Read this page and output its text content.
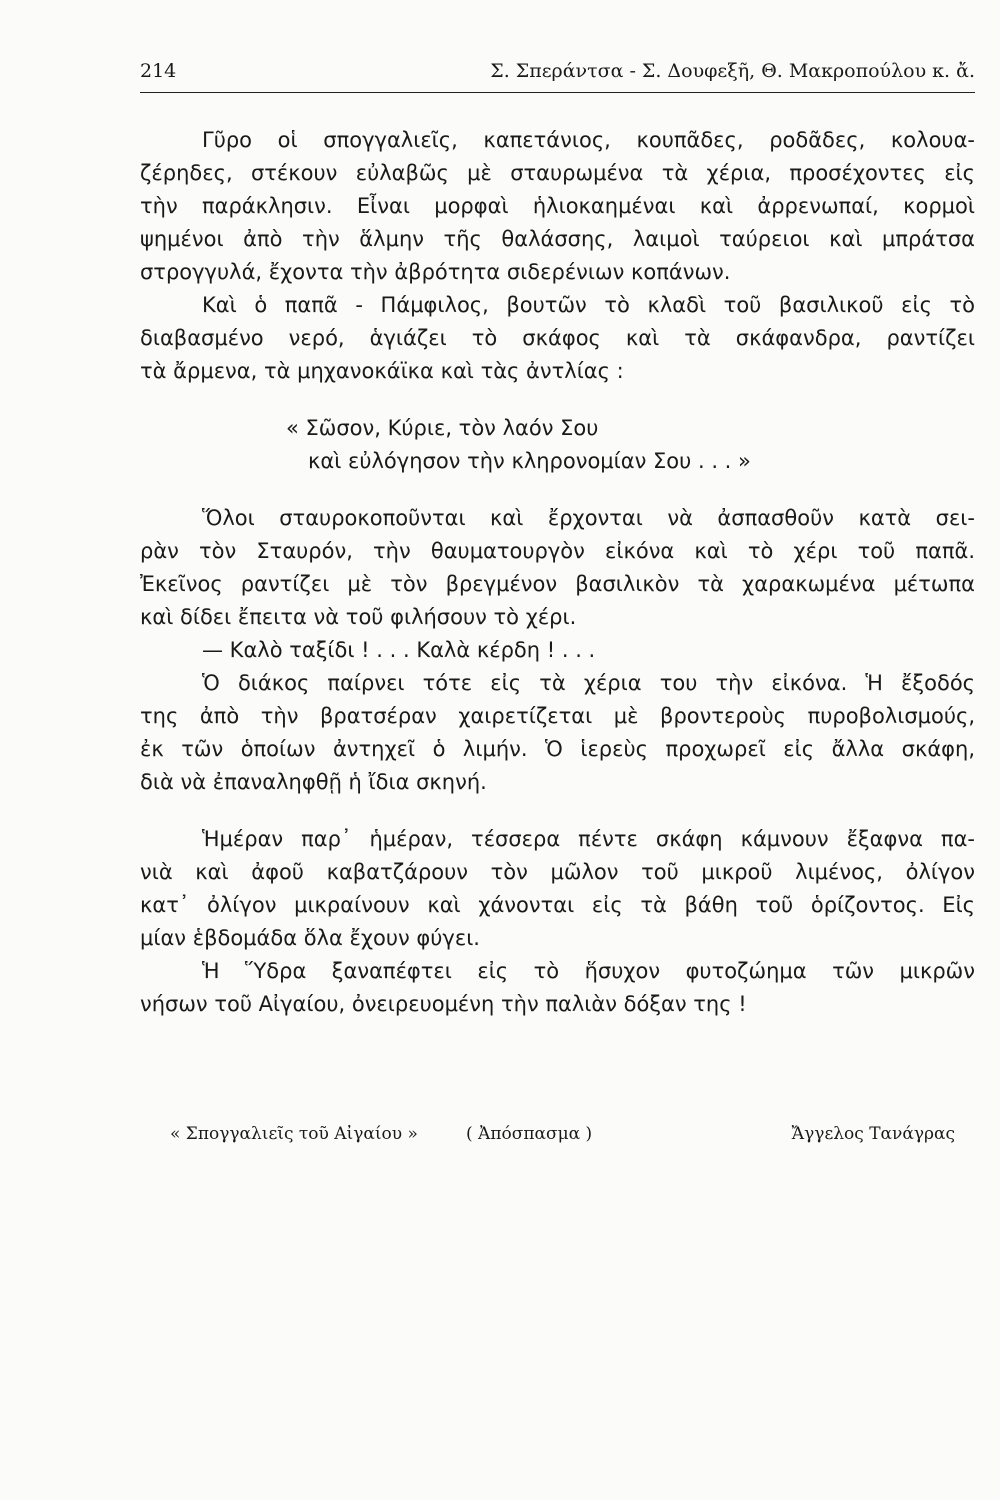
214	Σ. Σπεράντσα - Σ. Δουφεξῆ, Θ. Μακροπούλου κ. ἄ.
Γῦρο οἱ σπογγαλιεῖς, καπετάνιος, κουπᾶδες, ροδᾶδες, κολουα-
ζέρηδες, στέκουν εὐλαβῶς μὲ σταυρωμένα τὰ χέρια, προσέχοντες εἰς
τὴν παράκλησιν. Εἶναι μορφαὶ ἡλιοκαημέναι καὶ ἀρρενωπαί, κορμοὶ
ψημένοι ἀπὸ τὴν ἅλμην τῆς θαλάσσης, λαιμοὶ ταύρειοι καὶ μπράτσα
στρογγυλά, ἔχοντα τὴν ἀβρότητα σιδερένιων κοπάνων.
Καὶ ὁ παπᾶ - Πάμφιλος, βουτῶν τὸ κλαδὶ τοῦ βασιλικοῦ εἰς τὸ
διαβασμένο νερό, ἁγιάζει τὸ σκάφος καὶ τὰ σκάφανδρα, ραντίζει
τὰ ἄρμενα, τὰ μηχανοκάϊκα καὶ τὰς ἀντλίας :
« Σῶσον, Κύριε, τὸν λαόν Σου
καὶ εὐλόγησον τὴν κληρονομίαν Σου . . . »
Ὅλοι σταυροκοποῦνται καὶ ἔρχονται νὰ ἀσπασθοῦν κατὰ σει-
ρὰν τὸν Σταυρόν, τὴν θαυματουργὸν εἰκόνα καὶ τὸ χέρι τοῦ παπᾶ.
Ἐκεῖνος ραντίζει μὲ τὸν βρεγμένον βασιλικὸν τὰ χαρακωμένα μέτωπα
καὶ δίδει ἔπειτα νὰ τοῦ φιλήσουν τὸ χέρι.
— Καλὸ ταξίδι ! . . . Καλὰ κέρδη ! . . .
Ὁ διάκος παίρνει τότε εἰς τὰ χέρια του τὴν εἰκόνα. Ἡ ἔξοδός
της ἀπὸ τὴν βρατσέραν χαιρετίζεται μὲ βροντεροὺς πυροβολισμούς,
ἐκ τῶν ὁποίων ἀντηχεῖ ὁ λιμήν. Ὁ ἱερεὺς προχωρεῖ εἰς ἄλλα σκάφη,
διὰ νὰ ἐπαναληφθῇ ἡ ἴδια σκηνή.
Ἡμέραν παρ᾽ ἡμέραν, τέσσερα πέντε σκάφη κάμνουν ἔξαφνα πα-
νιὰ καὶ ἀφοῦ καβατζάρουν τὸν μῶλον τοῦ μικροῦ λιμένος, ὀλίγον
κατ᾽ ὀλίγον μικραίνουν καὶ χάνονται εἰς τὰ βάθη τοῦ ὁρίζοντος. Εἰς
μίαν ἑβδομάδα ὅλα ἔχουν φύγει.
Ἡ Ὕδρα ξαναπέφτει εἰς τὸ ἥσυχον φυτοζώημα τῶν μικρῶν
νήσων τοῦ Αἰγαίου, ὀνειρευομένη τὴν παλιὰν δόξαν της !
« Σπογγαλιεῖς τοῦ Αἰγαίου »	( Ἀπόσπασμα )	Ἄγγελος Τανάγρας
